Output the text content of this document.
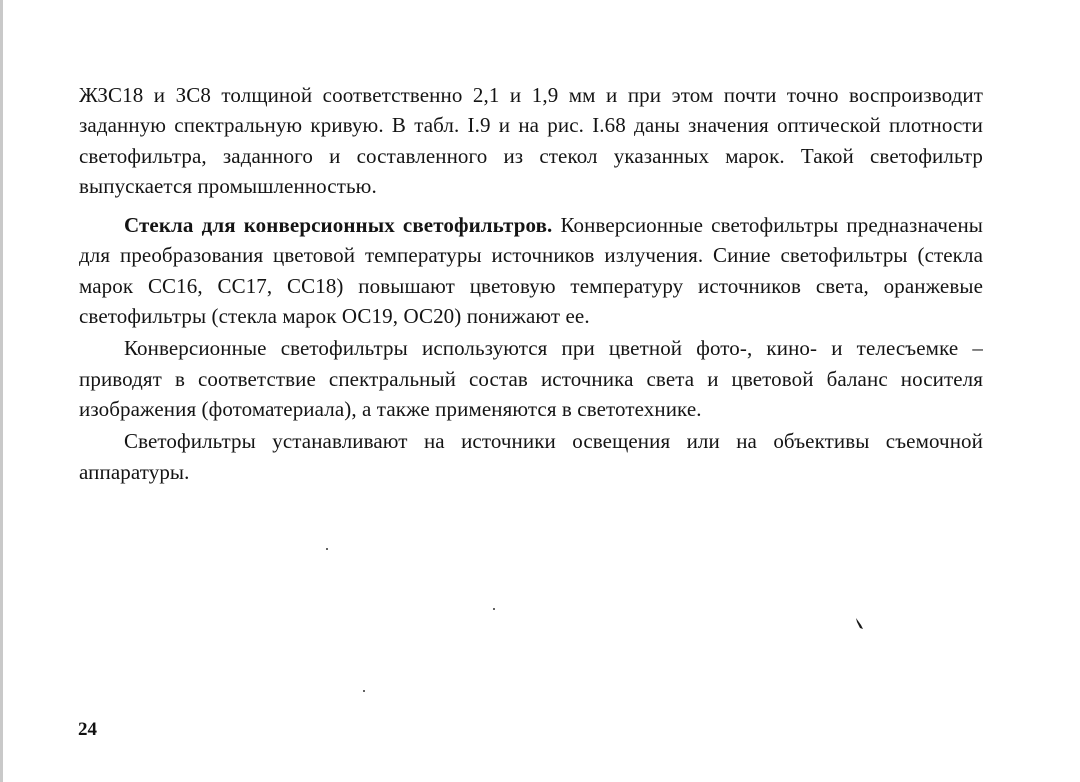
ЖЗС18 и ЗС8 толщиной соответственно 2,1 и 1,9 мм и при этом почти точно воспроизводит заданную спектральную кривую. В табл. I.9 и на рис. I.68 даны значения оптической плотности светофильтра, заданного и составленного из стекол указанных марок. Такой светофильтр выпускается промышленностью.

Стекла для конверсионных светофильтров. Конверсионные светофильтры предназначены для преобразования цветовой температуры источников излучения. Синие светофильтры (стекла марок СС16, СС17, СС18) повышают цветовую температуру источников света, оранжевые светофильтры (стекла марок ОС19, ОС20) понижают ее.

Конверсионные светофильтры используются при цветной фото-, кино- и телесъемке – приводят в соответствие спектральный состав источника света и цветовой баланс носителя изображения (фотоматериала), а также применяются в светотехнике.

Светофильтры устанавливают на источники освещения или на объективы съемочной аппаратуры.

24
